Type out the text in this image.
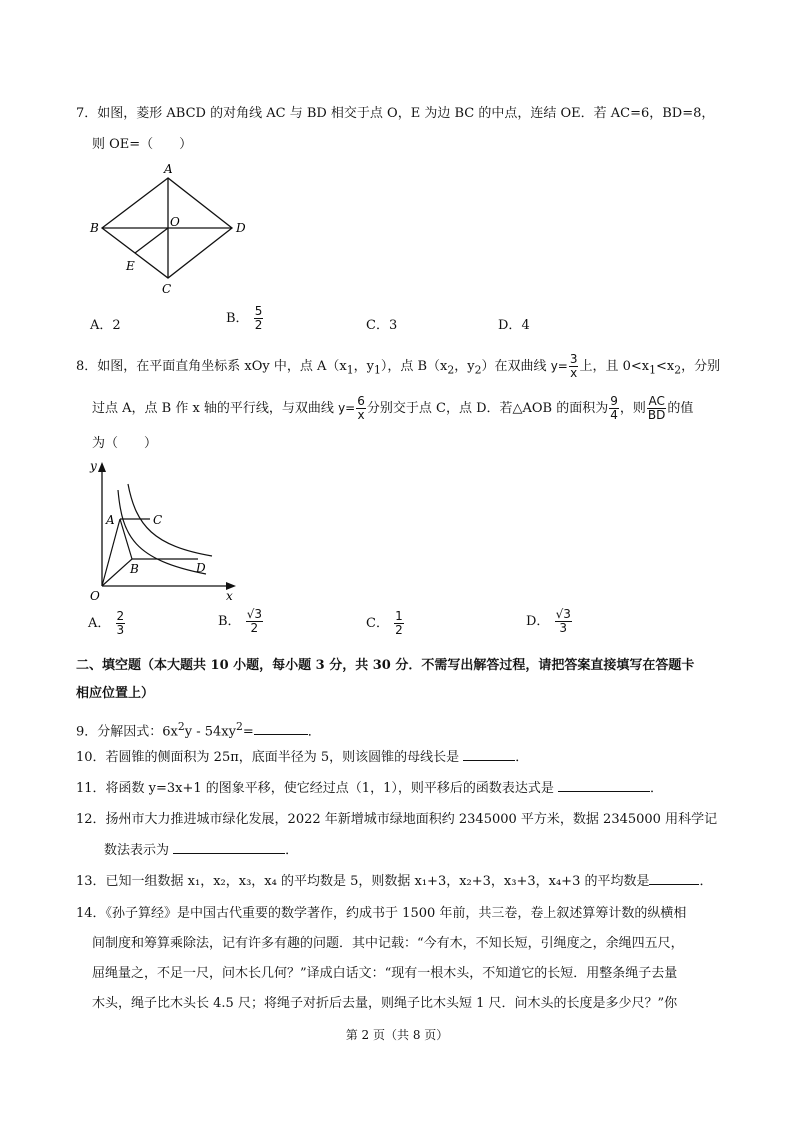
7．如图，菱形 ABCD 的对角线 AC 与 BD 相交于点 O，E 为边 BC 的中点，连结 OE．若 AC=6，BD=8，
则 OE=（　　）
A
B	O	D
E
C
A．2	B． $\frac{5}{2}$	C．3	D．4
8．如图，在平面直角坐标系 xOy 中，点 $A(x_1$，$y_1$），点 $B(x_2$，$y_2$）在双曲线 $y= \frac{3}{x}$ 上，且 $0<x_1<x_2$，分别
过点 A，点 B 作 x 轴的平行线，与双曲线 $y= \frac{6}{x}$ 分别交于点 C，点 D．若△AOB 的面积为 $\frac{9}{4}$ ，则 $\frac{AC}{BD}$ 的值
为（　　）
y
A	C
B	D
O	x
A． $\frac{2}{3}$	B． $\frac{√3}{2}$	C． $\frac{1}{2}$	D． $\frac{√3}{3}$
二、填空题（本大题共 10 小题，每小题 3 分，共 30 分．不需写出解答过程，请把答案直接填写在答题卡
相应位置上）
9．分解因式：$6x^2y - 54xy^2=$	．
10．若圆锥的侧面积为 25π，底面半径为 5，则该圆锥的母线长是	．
11．将函数 y=3x+1 的图象平移，使它经过点（1，1），则平移后的函数表达式是	．
12．扬州市大力推进城市绿化发展，2022 年新增城市绿地面积约 2345000 平方米，数据 2345000 用科学记
数法表示为	．
13．已知一组数据 x₁，x₂，x₃，x₄ 的平均数是 5，则数据 x₁+3，x₂+3，x₃+3，x₄+3 的平均数是	．
14．《孙子算经》是中国古代重要的数学著作，约成书于 1500 年前，共三卷，卷上叙述算筹计数的纵横相
间制度和筹算乘除法，记有许多有趣的问题．其中记载：“今有木，不知长短，引绳度之，余绳四五尺，
屈绳量之，不足一尺，问木长几何？”译成白话文：“现有一根木头，不知道它的长短．用整条绳子去量
木头，绳子比木头长 4.5 尺；将绳子对折后去量，则绳子比木头短 1 尺．问木头的长度是多少尺？”你
第 2 页（共 8 页）
